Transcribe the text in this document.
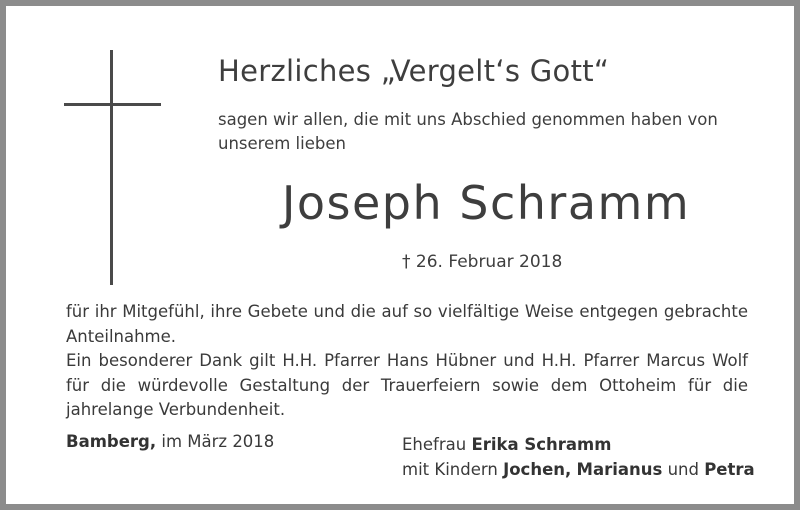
Herzliches „Vergelt‘s Gott“
sagen wir allen, die mit uns Abschied genommen haben von
unserem lieben
Joseph Schramm
† 26. Februar 2018
für ihr Mitgefühl, ihre Gebete und die auf so vielfältige Weise entgegen gebrachte
Anteilnahme.
Ein besonderer Dank gilt H.H. Pfarrer Hans Hübner und H.H. Pfarrer Marcus Wolf
für die würdevolle Gestaltung der Trauerfeiern sowie dem Ottoheim für die
jahrelange Verbundenheit.
Bamberg, im März 2018	Ehefrau Erika Schramm
mit Kindern Jochen, Marianus und Petra
